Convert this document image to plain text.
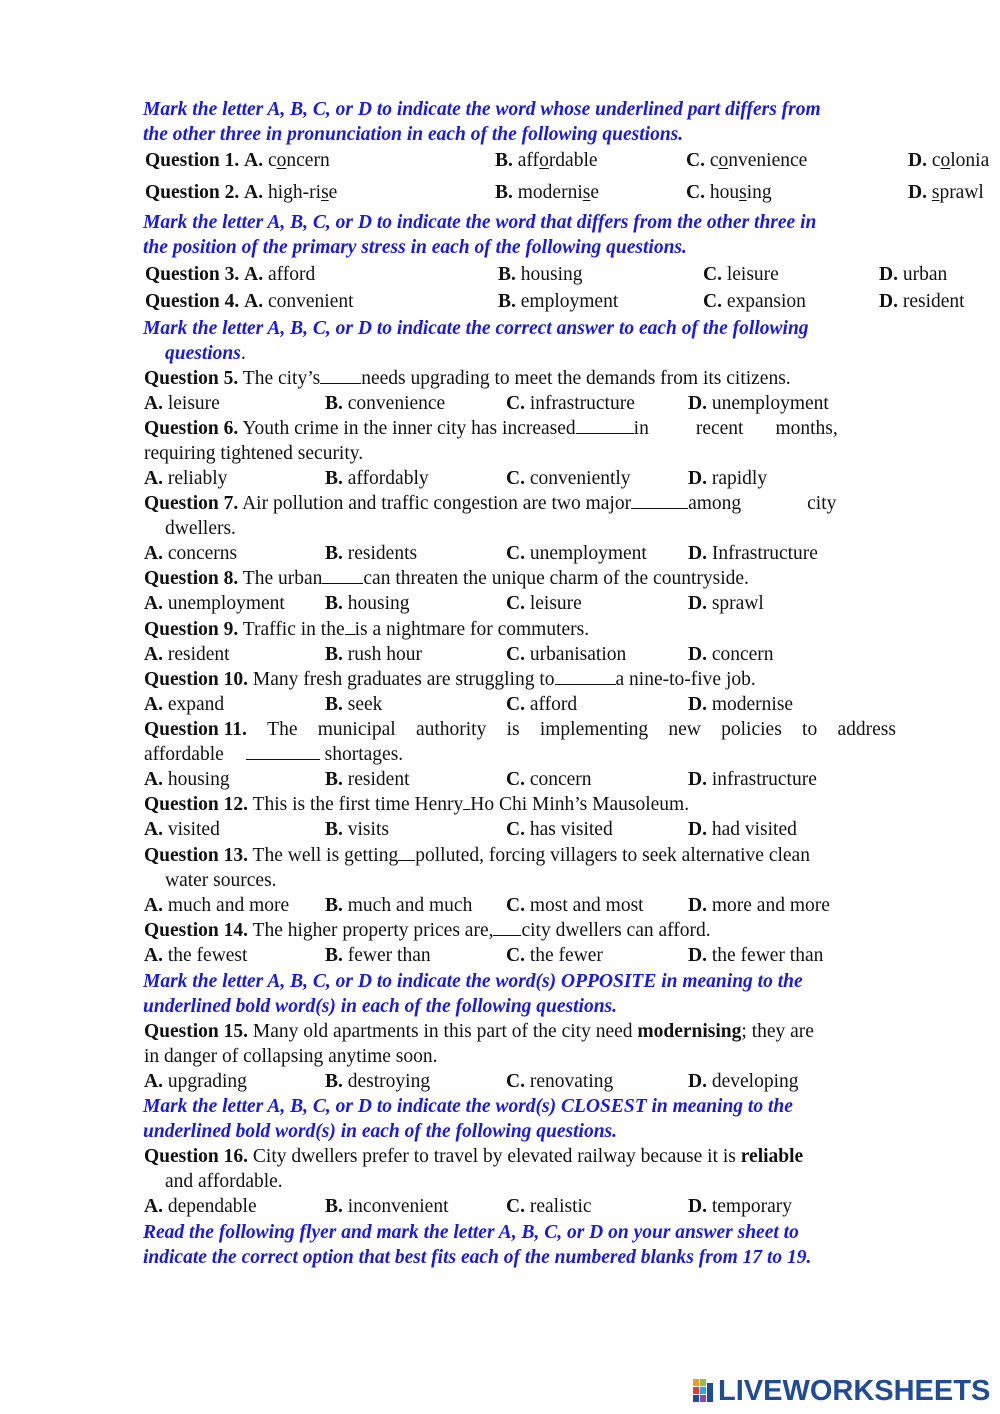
Mark the letter A, B, C, or D to indicate the word whose underlined part differs from
the other three in pronunciation in each of the following questions.
Question 1. A. concern	B. affordable	C. convenience	D. colonia
Question 2. A. high-rise	B. modernise	C. housing	D. sprawl
Mark the letter A, B, C, or D to indicate the word that differs from the other three in
the position of the primary stress in each of the following questions.
Question 3. A. afford	B. housing	C. leisure	D. urban
Question 4. A. convenient	B. employment	C. expansion	D. resident
Mark the letter A, B, C, or D to indicate the correct answer to each of the following
questions.
Question 5. The city’s needs upgrading to meet the demands from its citizens.
A. leisure	B. convenience	C. infrastructure	D. unemployment
Question 6. Youth crime in the inner city has increased	in recent months,
requiring tightened security.
A. reliably	B. affordably	C. conveniently	D. rapidly
Question 7. Air pollution and traffic congestion are two major	among	city
dwellers.
A. concerns	B. residents	C. unemployment D. Infrastructure
Question 8. The urban can threaten the unique charm of the countryside.
A. unemployment B. housing	C. leisure	D. sprawl
Question 9. Traffic in the is a nightmare for commuters.
A. resident	B. rush hour	C. urbanisation	D. concern
Question 10. Many fresh graduates are struggling to	a nine-to-five job.
A. expand	B. seek	C. afford	D. modernise
Question 11. The municipal authority is implementing new policies to address
affordable	shortages.
A. housing	B. resident	C. concern	D. infrastructure
Question 12. This is the first time Henry Ho Chi Minh’s Mausoleum.
A. visited	B. visits	C. has visited	D. had visited
Question 13. The well is getting polluted, forcing villagers to seek alternative clean
water sources.
A. much and more B. much and much C. most and most D. more and more
Question 14. The higher property prices are, city dwellers can afford.
A. the fewest	B. fewer than	C. the fewer	D. the fewer than
Mark the letter A, B, C, or D to indicate the word(s) OPPOSITE in meaning to the
underlined bold word(s) in each of the following questions.
Question 15. Many old apartments in this part of the city need modernising; they are
in danger of collapsing anytime soon.
A. upgrading	B. destroying	C. renovating	D. developing
Mark the letter A, B, C, or D to indicate the word(s) CLOSEST in meaning to the
underlined bold word(s) in each of the following questions.
Question 16. City dwellers prefer to travel by elevated railway because it is reliable
and affordable.
A. dependable	B. inconvenient	C. realistic	D. temporary
Read the following flyer and mark the letter A, B, C, or D on your answer sheet to
indicate the correct option that best fits each of the numbered blanks from 17 to 19.
LIVEWORKSHEETS
